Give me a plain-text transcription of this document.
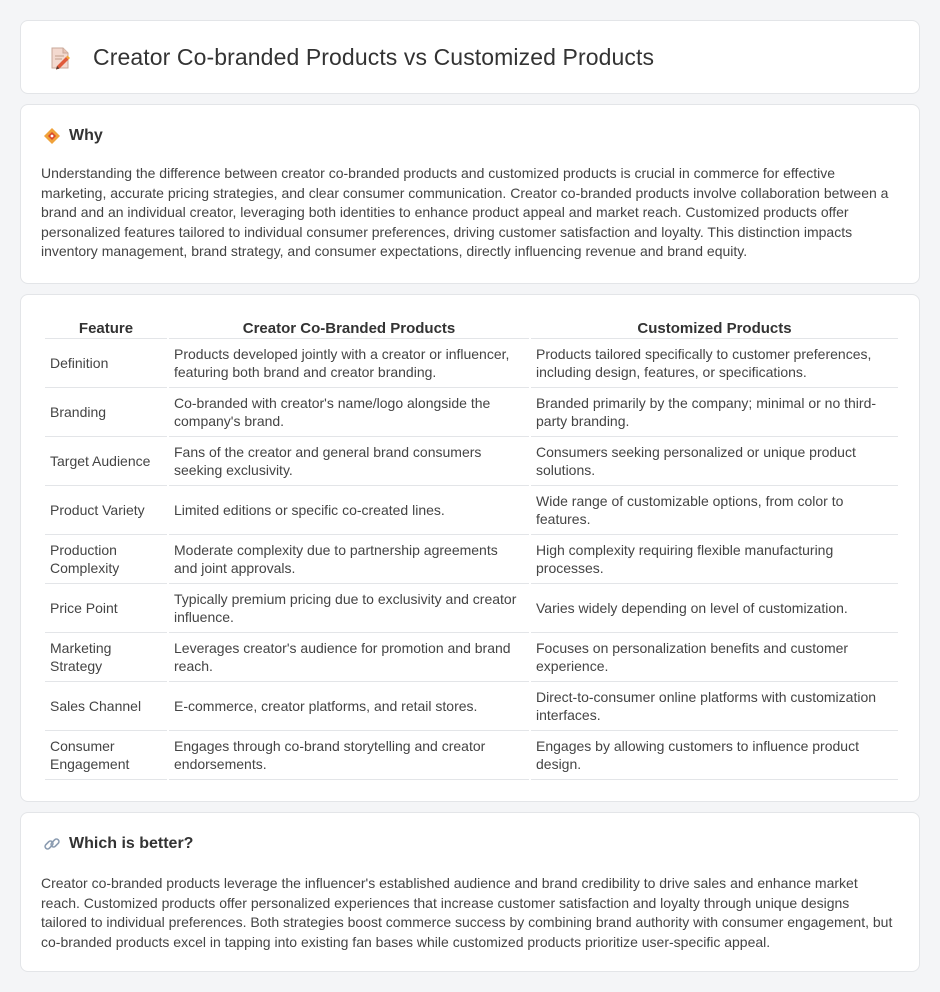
Creator Co-branded Products vs Customized Products
Why

Understanding the difference between creator co-branded products and customized products is crucial in commerce for effective marketing, accurate pricing strategies, and clear consumer communication. Creator co-branded products involve collaboration between a brand and an individual creator, leveraging both identities to enhance product appeal and market reach. Customized products offer personalized features tailored to individual consumer preferences, driving customer satisfaction and loyalty. This distinction impacts inventory management, brand strategy, and consumer expectations, directly influencing revenue and brand equity.

Feature	Creator Co-Branded Products	Customized Products
Definition	Products developed jointly with a creator or influencer, featuring both brand and creator branding.	Products tailored specifically to customer preferences, including design, features, or specifications.
Branding	Co-branded with creator's name/logo alongside the company's brand.	Branded primarily by the company; minimal or no third-party branding.
Target Audience	Fans of the creator and general brand consumers seeking exclusivity.	Consumers seeking personalized or unique product solutions.
Product Variety	Limited editions or specific co-created lines.	Wide range of customizable options, from color to features.
Production Complexity	Moderate complexity due to partnership agreements and joint approvals.	High complexity requiring flexible manufacturing processes.
Price Point	Typically premium pricing due to exclusivity and creator influence.	Varies widely depending on level of customization.
Marketing Strategy	Leverages creator's audience for promotion and brand reach.	Focuses on personalization benefits and customer experience.
Sales Channel	E-commerce, creator platforms, and retail stores.	Direct-to-consumer online platforms with customization interfaces.
Consumer Engagement	Engages through co-brand storytelling and creator endorsements.	Engages by allowing customers to influence product design.
Which is better?

Creator co-branded products leverage the influencer's established audience and brand credibility to drive sales and enhance market reach. Customized products offer personalized experiences that increase customer satisfaction and loyalty through unique designs tailored to individual preferences. Both strategies boost commerce success by combining brand authority with consumer engagement, but co-branded products excel in tapping into existing fan bases while customized products prioritize user-specific appeal.
